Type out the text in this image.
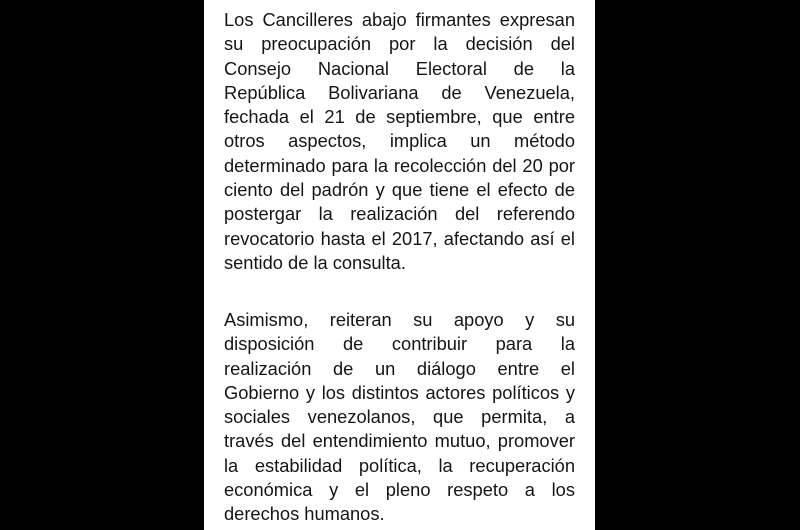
Los Cancilleres abajo firmantes expresan
su preocupación por la decisión del
Consejo Nacional Electoral de la
República Bolivariana de Venezuela,
fechada el 21 de septiembre, que entre
otros aspectos, implica un método
determinado para la recolección del 20 por
ciento del padrón y que tiene el efecto de
postergar la realización del referendo
revocatorio hasta el 2017, afectando así el
sentido de la consulta.

Asimismo, reiteran su apoyo y su
disposición de contribuir para la
realización de un diálogo entre el
Gobierno y los distintos actores políticos y
sociales venezolanos, que permita, a
través del entendimiento mutuo, promover
la estabilidad política, la recuperación
económica y el pleno respeto a los
derechos humanos.
